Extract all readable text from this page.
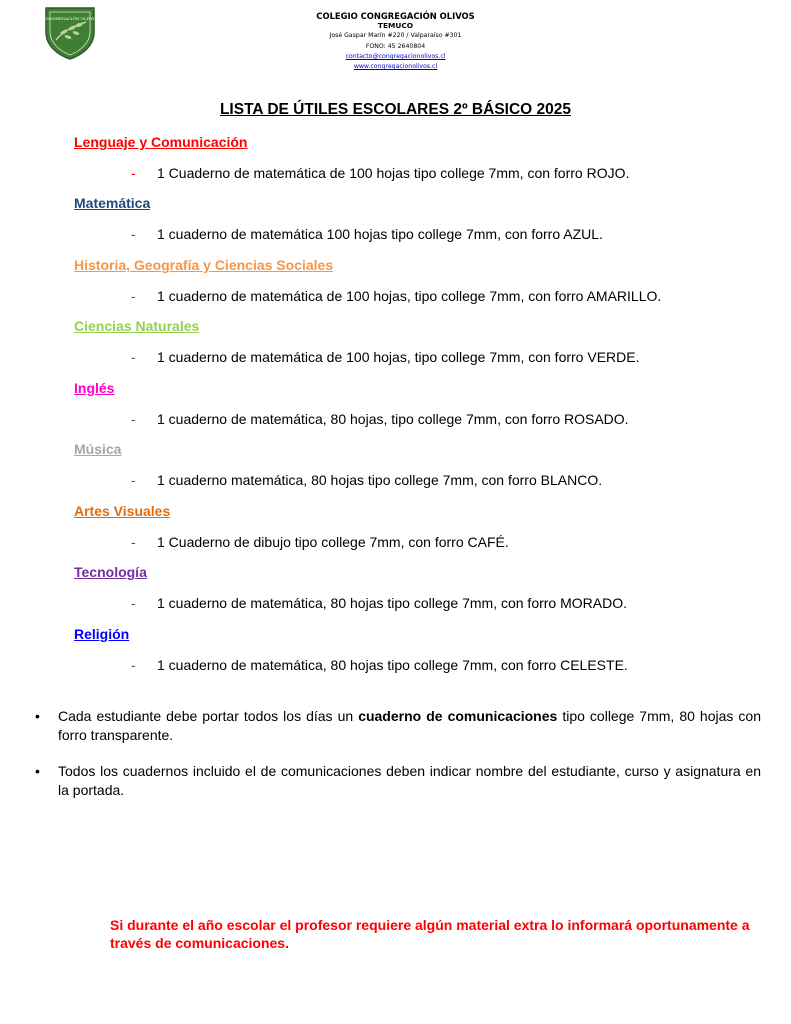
CONGREGACIÓN OLIVOS	COLEGIO CONGREGACIÓN OLIVOS
TEMUCO
José Gaspar Marín #220 / Valparaíso #301
FONO: 45 2640804
contacto@congregacionolivos.cl
www.congregacionolivos.cl
LISTA DE ÚTILES ESCOLARES 2º BÁSICO 2025
Lenguaje y Comunicación
- 1 Cuaderno de matemática de 100 hojas tipo college 7mm, con forro ROJO.
Matemática
- 1 cuaderno de matemática 100 hojas tipo college 7mm, con forro AZUL.
Historia, Geografía y Ciencias Sociales
- 1 cuaderno de matemática de 100 hojas, tipo college 7mm, con forro AMARILLO.
Ciencias Naturales
- 1 cuaderno de matemática de 100 hojas, tipo college 7mm, con forro VERDE.
Inglés
- 1 cuaderno de matemática, 80 hojas, tipo college 7mm, con forro ROSADO.
Música
- 1 cuaderno matemática, 80 hojas tipo college 7mm, con forro BLANCO.
Artes Visuales
- 1 Cuaderno de dibujo tipo college 7mm, con forro CAFÉ.
Tecnología
- 1 cuaderno de matemática, 80 hojas tipo college 7mm, con forro MORADO.
Religión
- 1 cuaderno de matemática, 80 hojas tipo college 7mm, con forro CELESTE.
• Cada estudiante debe portar todos los días un cuaderno de comunicaciones tipo college 7mm, 80 hojas con forro transparente.
• Todos los cuadernos incluido el de comunicaciones deben indicar nombre del estudiante, curso y asignatura en la portada.
Si durante el año escolar el profesor requiere algún material extra lo informará oportunamente a través de comunicaciones.
